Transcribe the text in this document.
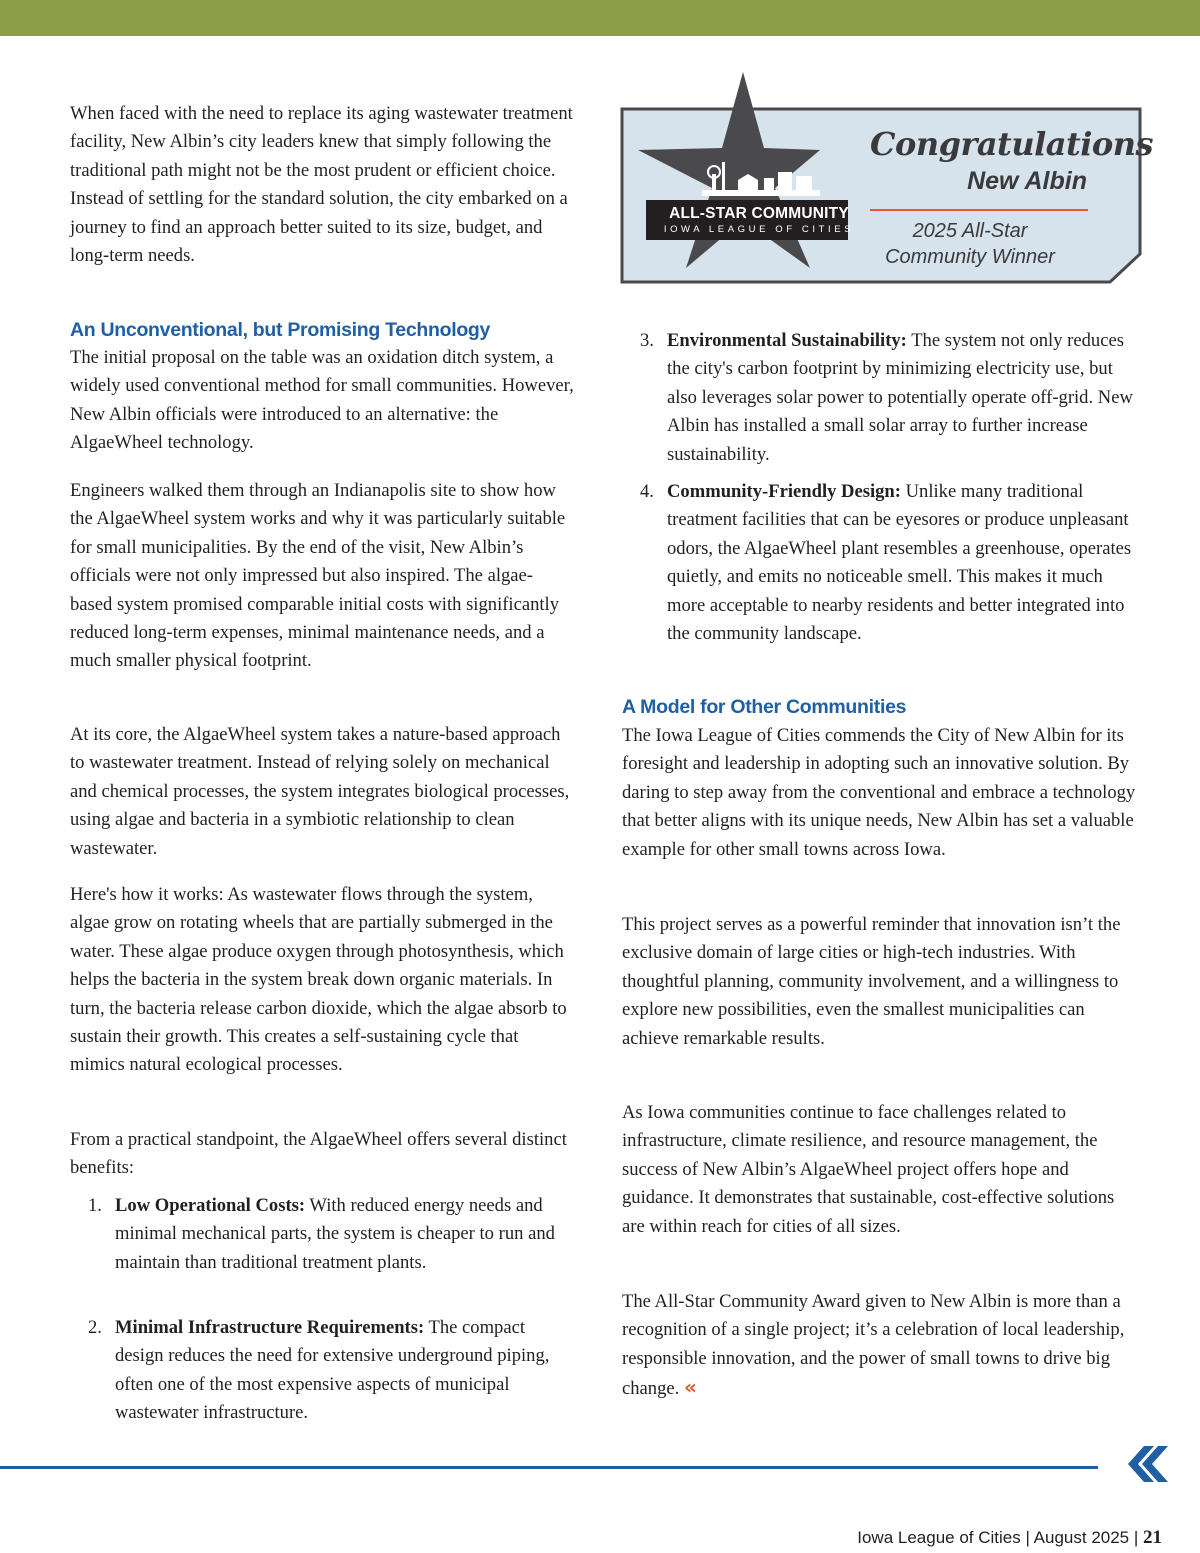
When faced with the need to replace its aging wastewater treatment facility, New Albin’s city leaders knew that simply following the traditional path might not be the most prudent or efficient choice. Instead of settling for the standard solution, the city embarked on a journey to find an approach better suited to its size, budget, and long-term needs.

An Unconventional, but Promising Technology

The initial proposal on the table was an oxidation ditch system, a widely used conventional method for small communities. However, New Albin officials were introduced to an alternative: the AlgaeWheel technology.

Engineers walked them through an Indianapolis site to show how the AlgaeWheel system works and why it was particularly suitable for small municipalities. By the end of the visit, New Albin’s officials were not only impressed but also inspired. The algae-based system promised comparable initial costs with significantly reduced long-term expenses, minimal maintenance needs, and a much smaller physical footprint.

At its core, the AlgaeWheel system takes a nature-based approach to wastewater treatment. Instead of relying solely on mechanical and chemical processes, the system integrates biological processes, using algae and bacteria in a symbiotic relationship to clean wastewater.

Here's how it works: As wastewater flows through the system, algae grow on rotating wheels that are partially submerged in the water. These algae produce oxygen through photosynthesis, which helps the bacteria in the system break down organic materials. In turn, the bacteria release carbon dioxide, which the algae absorb to sustain their growth. This creates a self-sustaining cycle that mimics natural ecological processes.

From a practical standpoint, the AlgaeWheel offers several distinct benefits:

1. Low Operational Costs: With reduced energy needs and minimal mechanical parts, the system is cheaper to run and maintain than traditional treatment plants.
2. Minimal Infrastructure Requirements: The compact design reduces the need for extensive underground piping, often one of the most expensive aspects of municipal wastewater infrastructure.
ALL-STAR COMMUNITY
IOWA LEAGUE OF CITIES
Congratulations
New Albin
2025 All-Star
Community Winner
3. Environmental Sustainability: The system not only reduces the city's carbon footprint by minimizing electricity use, but also leverages solar power to potentially operate off-grid. New Albin has installed a small solar array to further increase sustainability.
4. Community-Friendly Design: Unlike many traditional treatment facilities that can be eyesores or produce unpleasant odors, the AlgaeWheel plant resembles a greenhouse, operates quietly, and emits no noticeable smell. This makes it much more acceptable to nearby residents and better integrated into the community landscape.
A Model for Other Communities

The Iowa League of Cities commends the City of New Albin for its foresight and leadership in adopting such an innovative solution. By daring to step away from the conventional and embrace a technology that better aligns with its unique needs, New Albin has set a valuable example for other small towns across Iowa.

This project serves as a powerful reminder that innovation isn’t the exclusive domain of large cities or high-tech industries. With thoughtful planning, community involvement, and a willingness to explore new possibilities, even the smallest municipalities can achieve remarkable results.

As Iowa communities continue to face challenges related to infrastructure, climate resilience, and resource management, the success of New Albin’s AlgaeWheel project offers hope and guidance. It demonstrates that sustainable, cost-effective solutions are within reach for cities of all sizes.

The All-Star Community Award given to New Albin is more than a recognition of a single project; it’s a celebration of local leadership, responsible innovation, and the power of small towns to drive big change. «

Iowa League of Cities | August 2025 | 21
